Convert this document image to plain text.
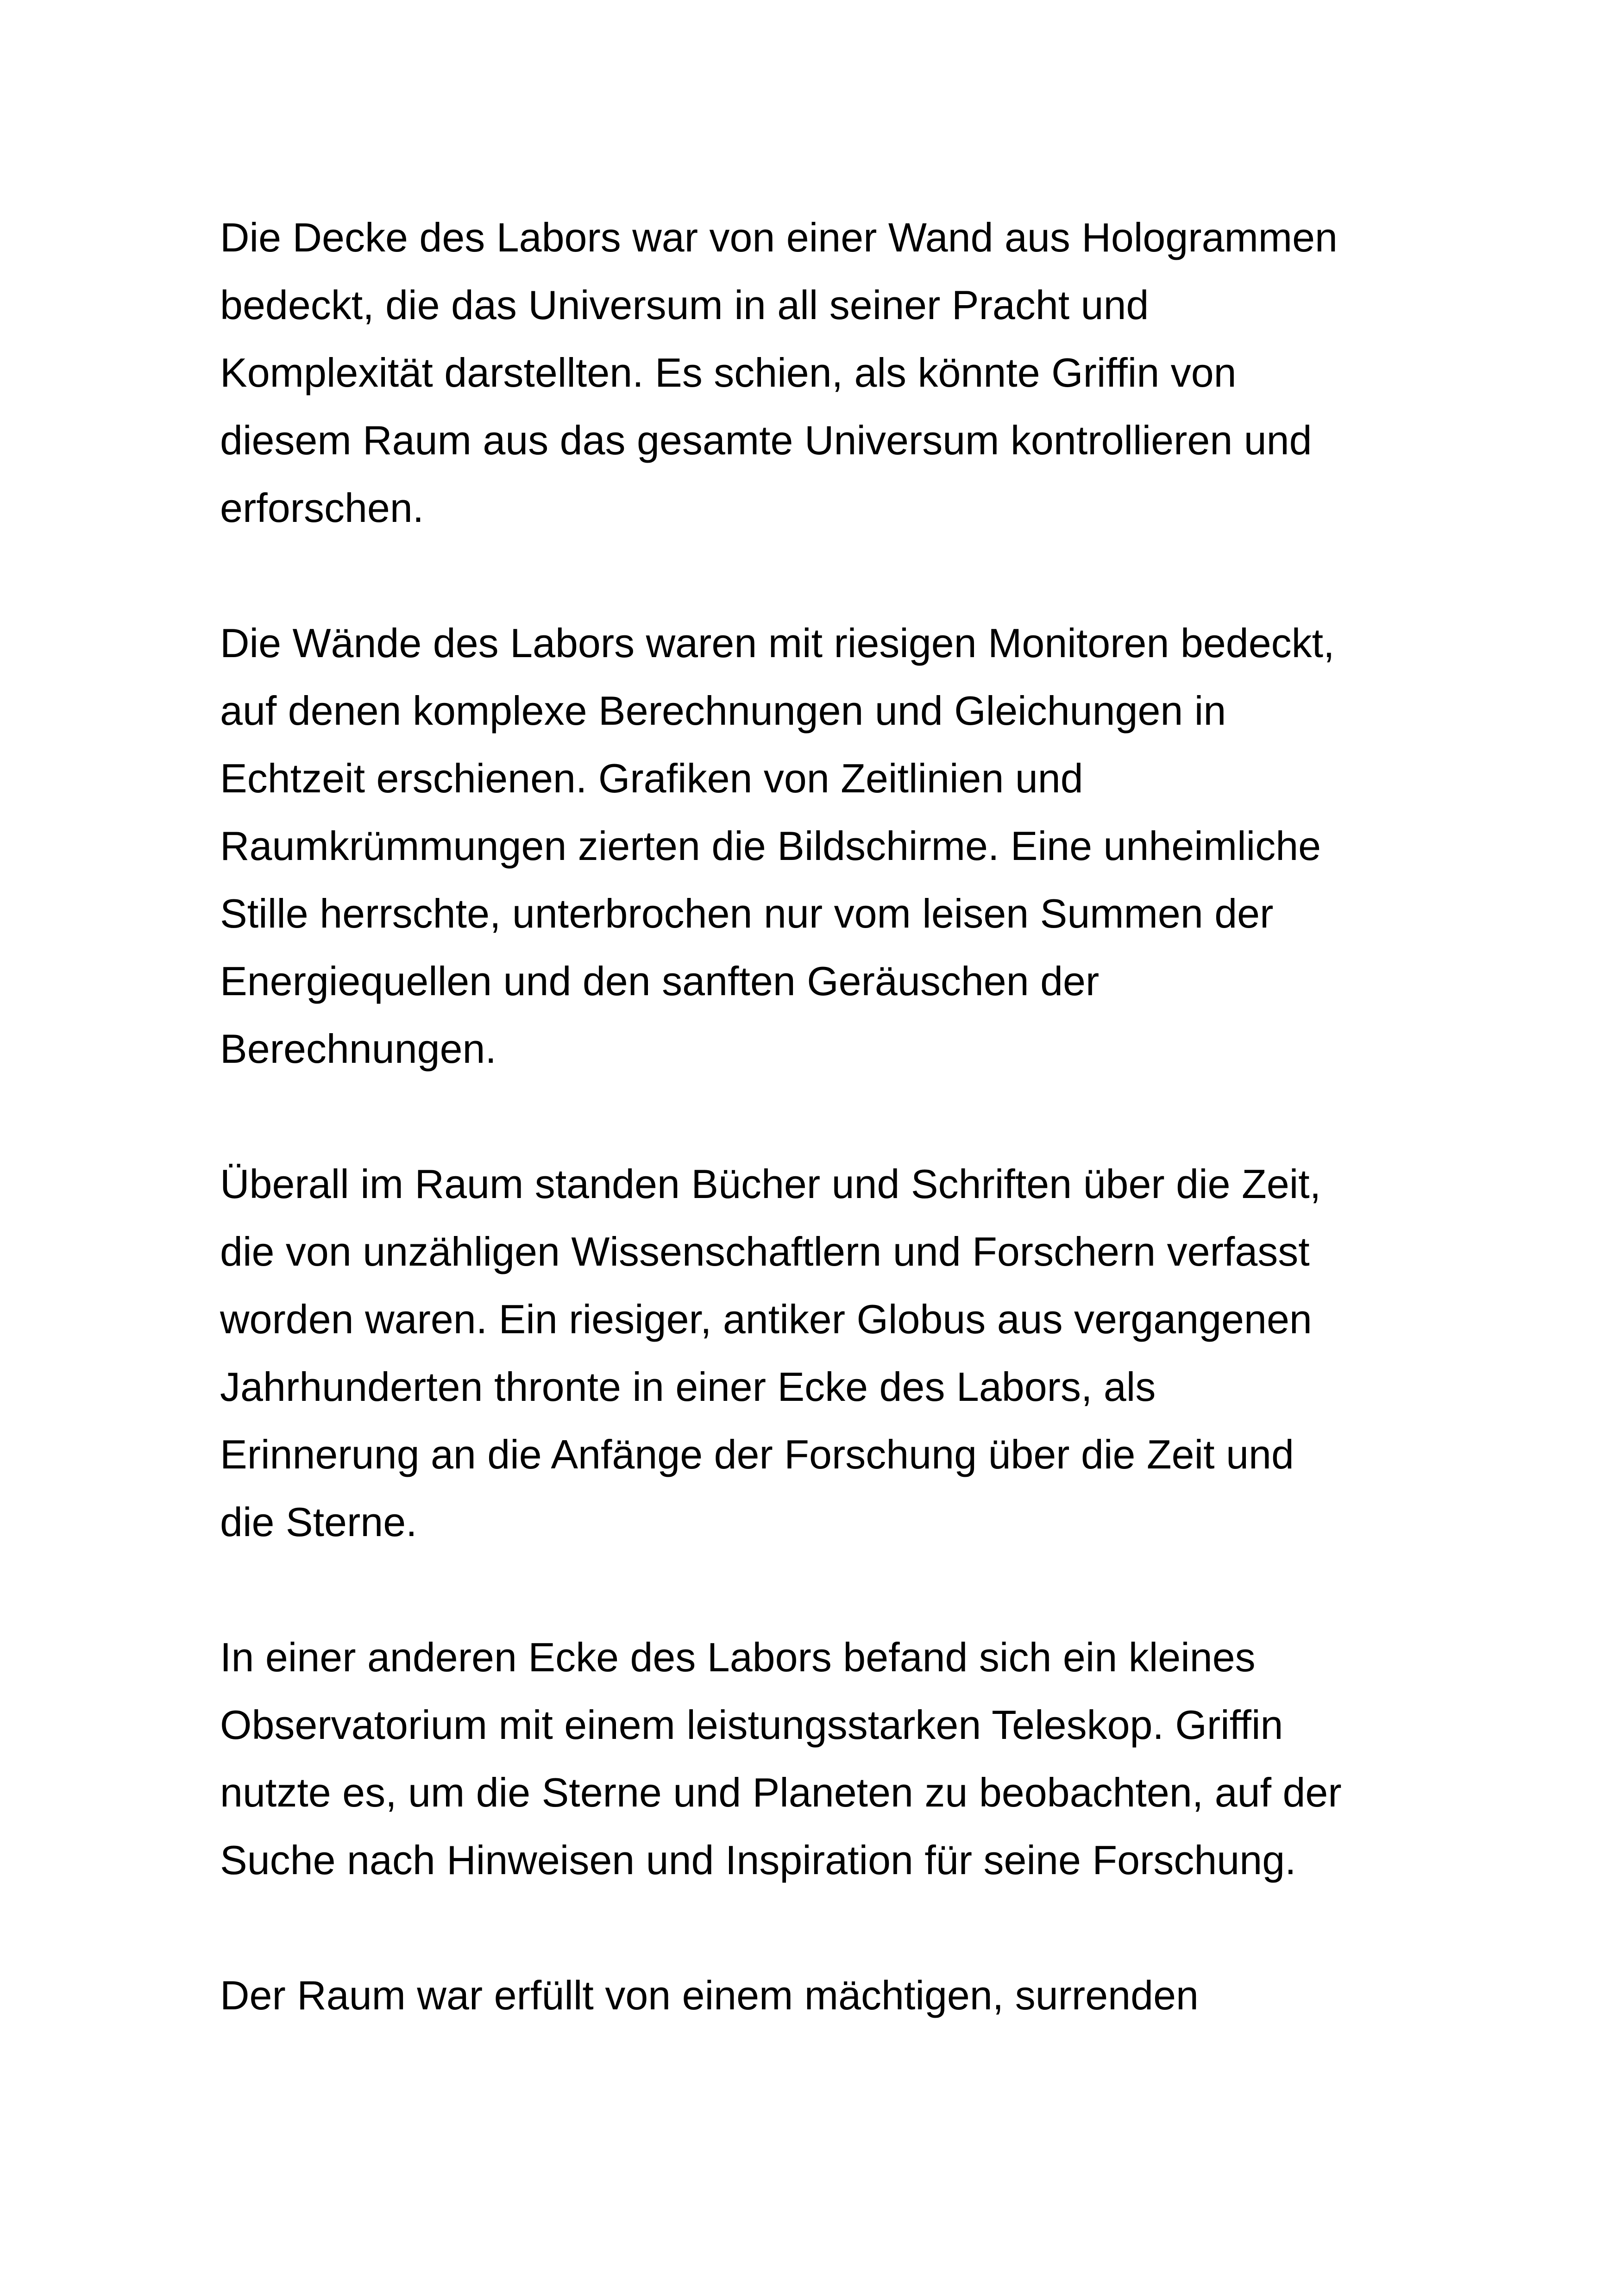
Die Decke des Labors war von einer Wand aus Hologrammen
bedeckt, die das Universum in all seiner Pracht und
Komplexität darstellten. Es schien, als könnte Griffin von
diesem Raum aus das gesamte Universum kontrollieren und
erforschen.

Die Wände des Labors waren mit riesigen Monitoren bedeckt,
auf denen komplexe Berechnungen und Gleichungen in
Echtzeit erschienen. Grafiken von Zeitlinien und
Raumkrümmungen zierten die Bildschirme. Eine unheimliche
Stille herrschte, unterbrochen nur vom leisen Summen der
Energiequellen und den sanften Geräuschen der
Berechnungen.

Überall im Raum standen Bücher und Schriften über die Zeit,
die von unzähligen Wissenschaftlern und Forschern verfasst
worden waren. Ein riesiger, antiker Globus aus vergangenen
Jahrhunderten thronte in einer Ecke des Labors, als
Erinnerung an die Anfänge der Forschung über die Zeit und
die Sterne.

In einer anderen Ecke des Labors befand sich ein kleines
Observatorium mit einem leistungsstarken Teleskop. Griffin
nutzte es, um die Sterne und Planeten zu beobachten, auf der
Suche nach Hinweisen und Inspiration für seine Forschung.

Der Raum war erfüllt von einem mächtigen, surrenden
